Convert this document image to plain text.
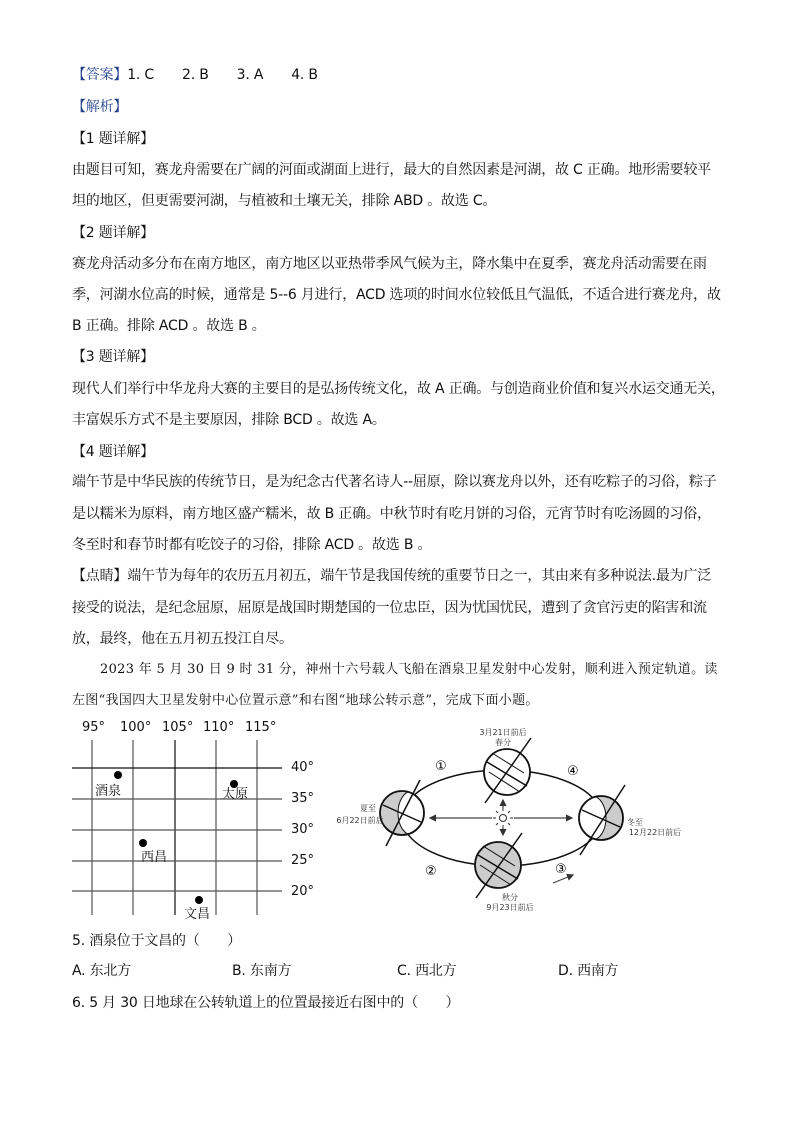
【答案】1. C 2. B 3. A 4. B
【解析】
【1 题详解】
由题目可知，赛龙舟需要在广阔的河面或湖面上进行，最大的自然因素是河湖，故 C 正确。地形需要较平
坦的地区，但更需要河湖，与植被和土壤无关，排除 ABD 。故选 C。
【2 题详解】
赛龙舟活动多分布在南方地区，南方地区以亚热带季风气候为主，降水集中在夏季，赛龙舟活动需要在雨
季，河湖水位高的时候，通常是 5--6 月进行，ACD 选项的时间水位较低且气温低，不适合进行赛龙舟，故
B 正确。排除 ACD 。故选 B 。
【3 题详解】
现代人们举行中华龙舟大赛的主要目的是弘扬传统文化，故 A 正确。与创造商业价值和复兴水运交通无关，
丰富娱乐方式不是主要原因，排除 BCD 。故选 A。
【4 题详解】
端午节是中华民族的传统节日，是为纪念古代著名诗人--屈原，除以赛龙舟以外，还有吃粽子的习俗，粽子
是以糯米为原料，南方地区盛产糯米，故 B 正确。中秋节时有吃月饼的习俗，元宵节时有吃汤圆的习俗，
冬至时和春节时都有吃饺子的习俗，排除 ACD 。故选 B 。
【点睛】端午节为每年的农历五月初五，端午节是我国传统的重要节日之一，其由来有多种说法.最为广泛
接受的说法，是纪念屈原，屈原是战国时期楚国的一位忠臣，因为忧国忧民，遭到了贪官污吏的陷害和流
放，最终，他在五月初五投江自尽。
2023 年 5 月 30 日 9 时 31 分，神州十六号载人飞船在酒泉卫星发射中心发射，顺利进入预定轨道。读
左图“我国四大卫星发射中心位置示意”和右图“地球公转示意”，完成下面小题。
95° 100° 105° 110° 115°
40°
35°
30°
25°
20°
酒泉	太原
西昌
文昌
①
②	③
④
3月21日前后
春分
夏至
6月22日前后
秋分
9月23日前后
冬至
12月22日前后
5. 酒泉位于文昌的（　　）
A. 东北方	B. 东南方	C. 西北方	D. 西南方
6. 5 月 30 日地球在公转轨道上的位置最接近右图中的（　　）
